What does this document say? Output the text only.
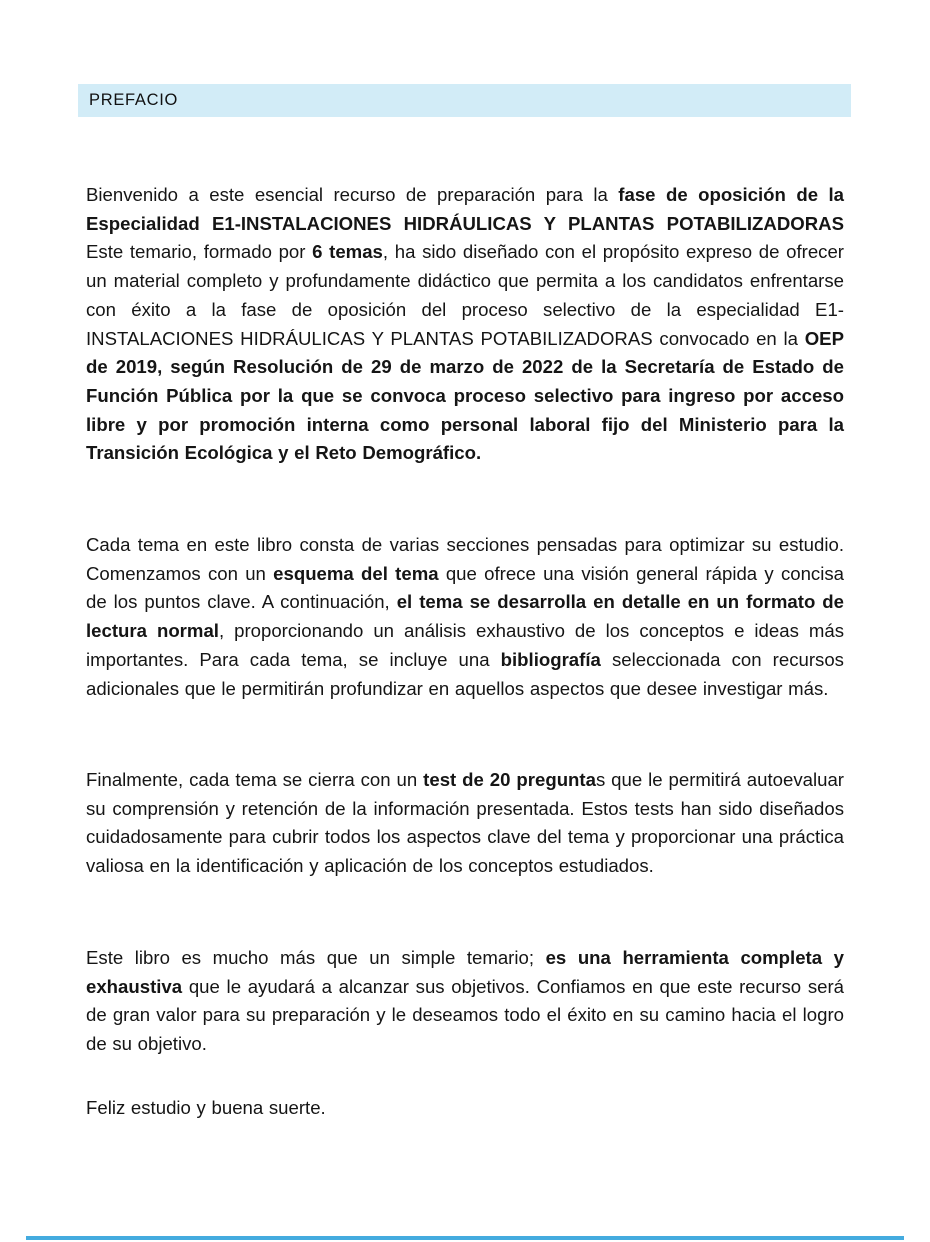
PREFACIO

Bienvenido a este esencial recurso de preparación para la fase de oposición de la Especialidad E1-INSTALACIONES HIDRÁULICAS Y PLANTAS POTABILIZADORAS Este temario, formado por 6 temas, ha sido diseñado con el propósito expreso de ofrecer un material completo y profundamente didáctico que permita a los candidatos enfrentarse con éxito a la fase de oposición del proceso selectivo de la especialidad E1-INSTALACIONES HIDRÁULICAS Y PLANTAS POTABILIZADORAS convocado en la OEP de 2019, según Resolución de 29 de marzo de 2022 de la Secretaría de Estado de Función Pública por la que se convoca proceso selectivo para ingreso por acceso libre y por promoción interna como personal laboral fijo del Ministerio para la Transición Ecológica y el Reto Demográfico.

Cada tema en este libro consta de varias secciones pensadas para optimizar su estudio. Comenzamos con un esquema del tema que ofrece una visión general rápida y concisa de los puntos clave. A continuación, el tema se desarrolla en detalle en un formato de lectura normal, proporcionando un análisis exhaustivo de los conceptos e ideas más importantes. Para cada tema, se incluye una bibliografía seleccionada con recursos adicionales que le permitirán profundizar en aquellos aspectos que desee investigar más.

Finalmente, cada tema se cierra con un test de 20 preguntas que le permitirá autoevaluar su comprensión y retención de la información presentada. Estos tests han sido diseñados cuidadosamente para cubrir todos los aspectos clave del tema y proporcionar una práctica valiosa en la identificación y aplicación de los conceptos estudiados.

Este libro es mucho más que un simple temario; es una herramienta completa y exhaustiva que le ayudará a alcanzar sus objetivos. Confiamos en que este recurso será de gran valor para su preparación y le deseamos todo el éxito en su camino hacia el logro de su objetivo.

Feliz estudio y buena suerte.
